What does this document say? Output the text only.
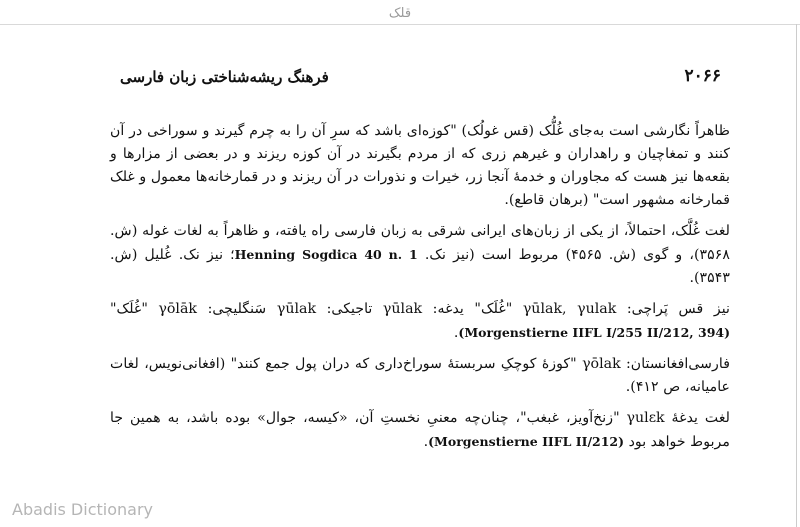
قلک
فرهنگ ریشه‌شناختی زبان فارسی	۲۰۶۶

ظاهراً نگارشی است به‌جای غُلُّک (قس غولُک) "کوزه‌ای باشد که سرِ آن را به چرم گیرند و سوراخی در آن کنند و تمغاچیان و راهداران و غیرهم زری که از مردم بگیرند در آن کوزه ریزند و در بعضی از مزارها و بقعه‌ها نیز هست که مجاوران و خدمهٔ آنجا زر، خیرات و نذورات در آن ریزند و در قمارخانه‌ها معمول و غلک قمارخانه مشهور است" (برهان قاطع).

لغت غُلَّک، احتمالاً، از یکی از زبان‌های ایرانی شرقی به زبان فارسی راه یافته، و ظاهراً به لغات غوله (ش. ۳۵۶۸)، و گوی (ش. ۴۵۶۵) مربوط است (نیز نک. Henning Sogdica 40 n. 1؛ نیز نک. غُلیل (ش. ۳۵۴۳).

نیز قس پَراچی: γūlak, γulak "غُلَک" یدغه: γūlak تاجیکی: γūlak سَنگلیچی: γōlāk "غُلَک" (Morgenstierne IIFL I/255 II/212, 394).

فارسی‌افغانستان: γōlak "کوزهٔ کوچکِ سربستهٔ سوراخ‌داری که دران پول جمع کنند" (افغانی‌نویس، لغات عامیانه، ص ۴۱۲).

لغت یدغهٔ γulɛk "زنخ‌آویز، غبغب"، چنان‌چه معنیِ نخستِ آن، «کیسه، جوال» بوده باشد، به همین جا مربوط خواهد بود (Morgenstierne IIFL II/212).

Abadis Dictionary
